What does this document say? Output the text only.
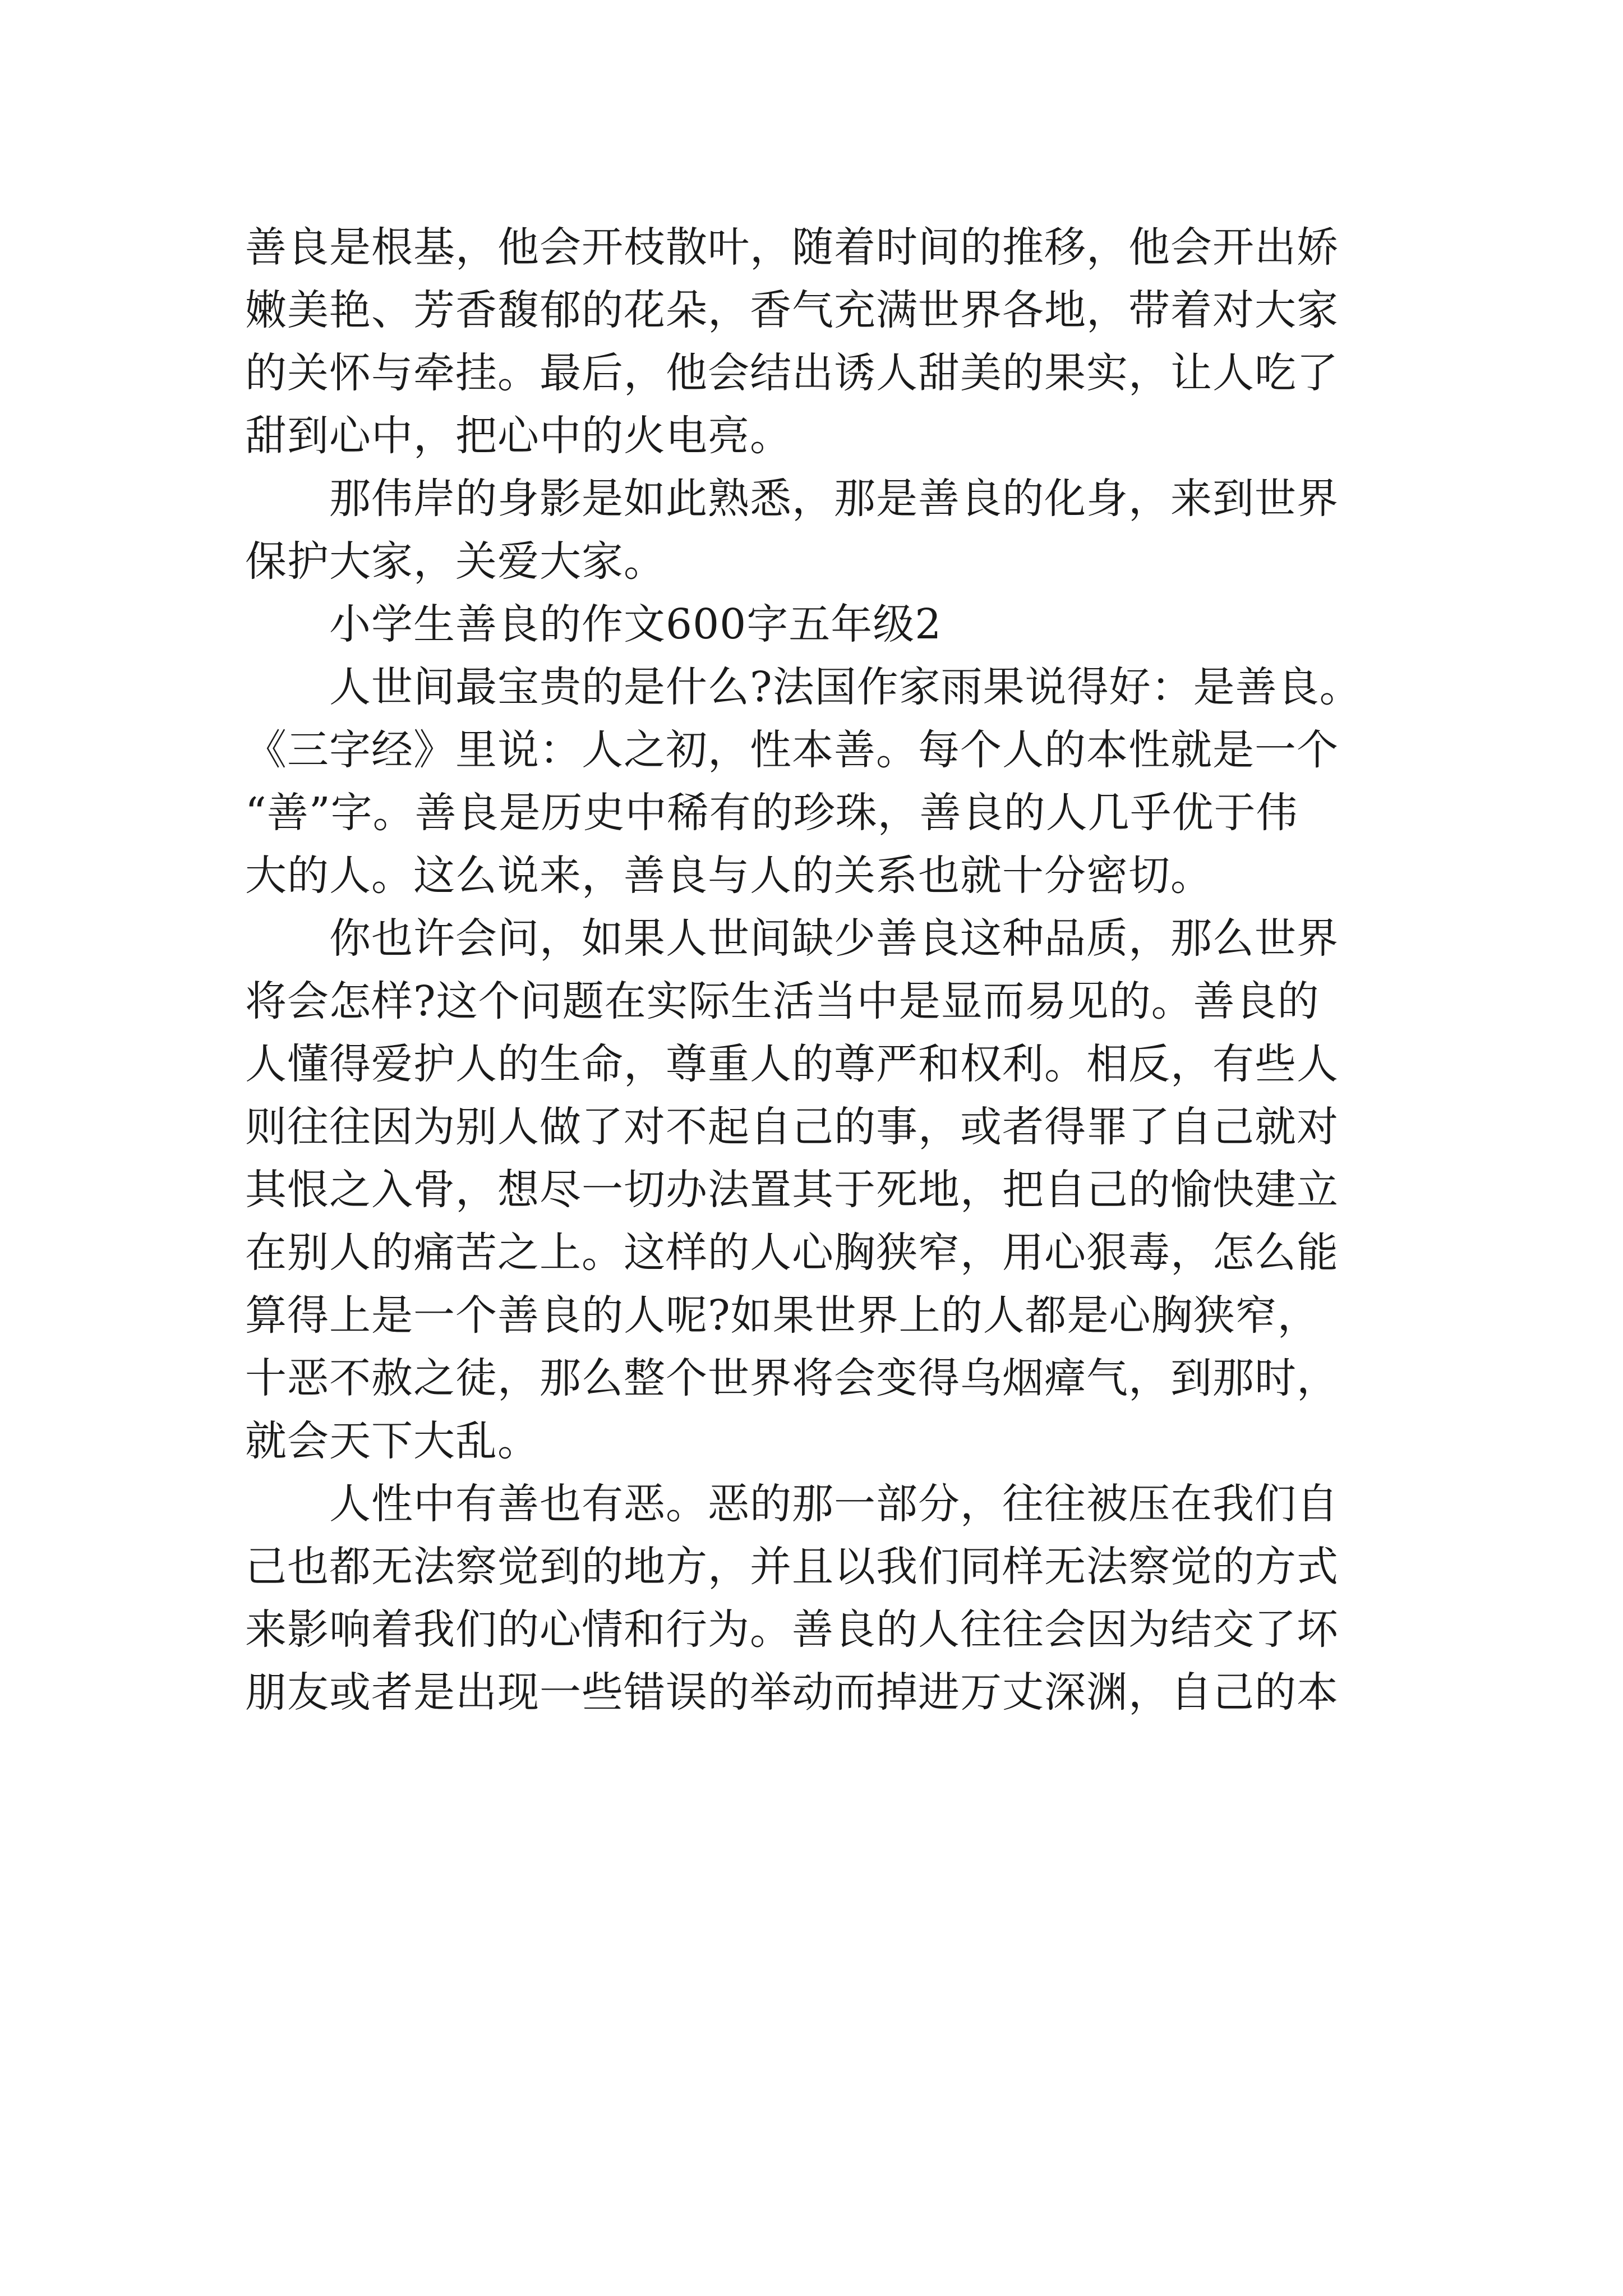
善良是根基，他会开枝散叶，随着时间的推移，他会开出娇
嫩美艳、芳香馥郁的花朵，香气充满世界各地，带着对大家
的关怀与牵挂。最后，他会结出诱人甜美的果实，让人吃了
甜到心中，把心中的火电亮。
那伟岸的身影是如此熟悉，那是善良的化身，来到世界
保护大家，关爱大家。
小学生善良的作文600字五年级2
人世间最宝贵的是什么?法国作家雨果说得好：是善良。
《三字经》里说：人之初，性本善。每个人的本性就是一个
“善”字。善良是历史中稀有的珍珠，善良的人几乎优于伟
大的人。这么说来，善良与人的关系也就十分密切。
你也许会问，如果人世间缺少善良这种品质，那么世界
将会怎样?这个问题在实际生活当中是显而易见的。善良的
人懂得爱护人的生命，尊重人的尊严和权利。相反，有些人
则往往因为别人做了对不起自己的事，或者得罪了自己就对
其恨之入骨，想尽一切办法置其于死地，把自己的愉快建立
在别人的痛苦之上。这样的人心胸狭窄，用心狠毒，怎么能
算得上是一个善良的人呢?如果世界上的人都是心胸狭窄，
十恶不赦之徒，那么整个世界将会变得乌烟瘴气，到那时，
就会天下大乱。
人性中有善也有恶。恶的那一部分，往往被压在我们自
己也都无法察觉到的地方，并且以我们同样无法察觉的方式
来影响着我们的心情和行为。善良的人往往会因为结交了坏
朋友或者是出现一些错误的举动而掉进万丈深渊，自己的本
